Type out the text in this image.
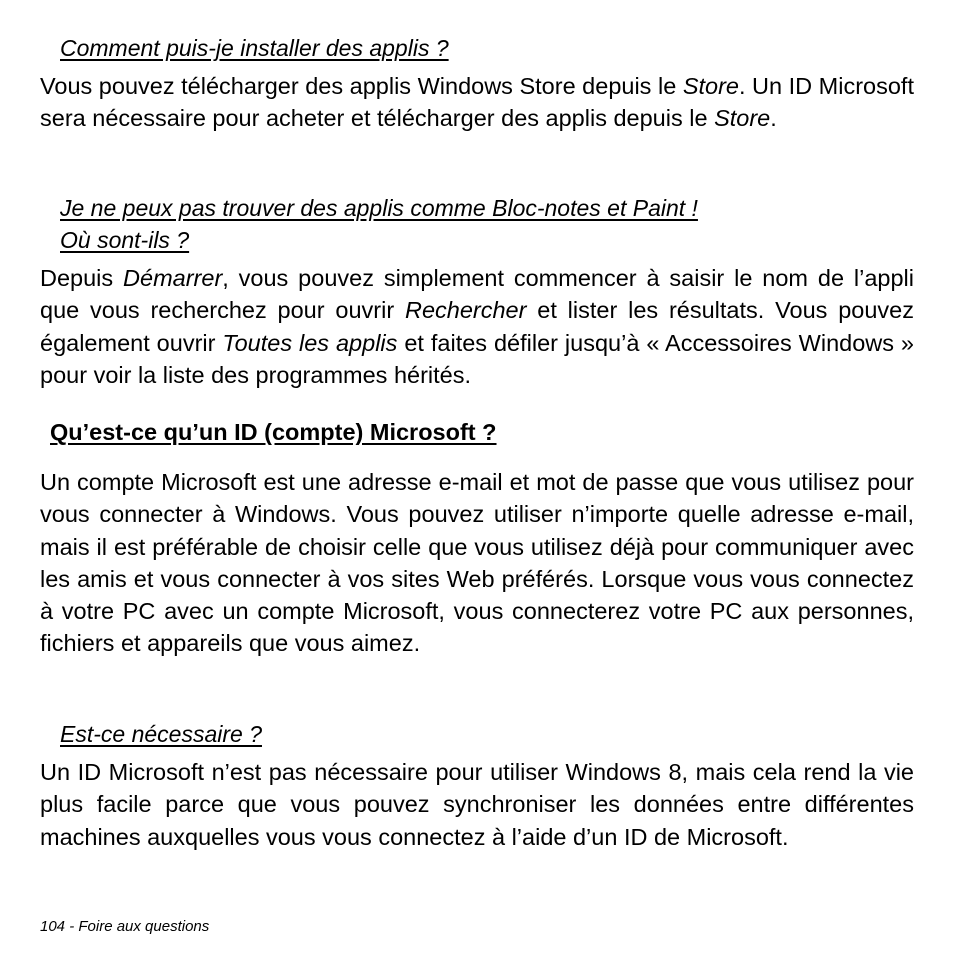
Comment puis-je installer des applis ?

Vous pouvez télécharger des applis Windows Store depuis le Store. Un ID Microsoft sera nécessaire pour acheter et télécharger des applis depuis le Store.

Je ne peux pas trouver des applis comme Bloc-notes et Paint !
Où sont-ils ?

Depuis Démarrer, vous pouvez simplement commencer à saisir le nom de l’appli que vous recherchez pour ouvrir Rechercher et lister les résultats. Vous pouvez également ouvrir Toutes les applis et faites défiler jusqu’à « Accessoires Windows » pour voir la liste des programmes hérités.

Qu’est-ce qu’un ID (compte) Microsoft ?

Un compte Microsoft est une adresse e-mail et mot de passe que vous utilisez pour vous connecter à Windows. Vous pouvez utiliser n’importe quelle adresse e-mail, mais il est préférable de choisir celle que vous utilisez déjà pour communiquer avec les amis et vous connecter à vos sites Web préférés. Lorsque vous vous connectez à votre PC avec un compte Microsoft, vous connecterez votre PC aux personnes, fichiers et appareils que vous aimez.

Est-ce nécessaire ?

Un ID Microsoft n’est pas nécessaire pour utiliser Windows 8, mais cela rend la vie plus facile parce que vous pouvez synchroniser les données entre différentes machines auxquelles vous vous connectez à l’aide d’un ID de Microsoft.

104 - Foire aux questions
